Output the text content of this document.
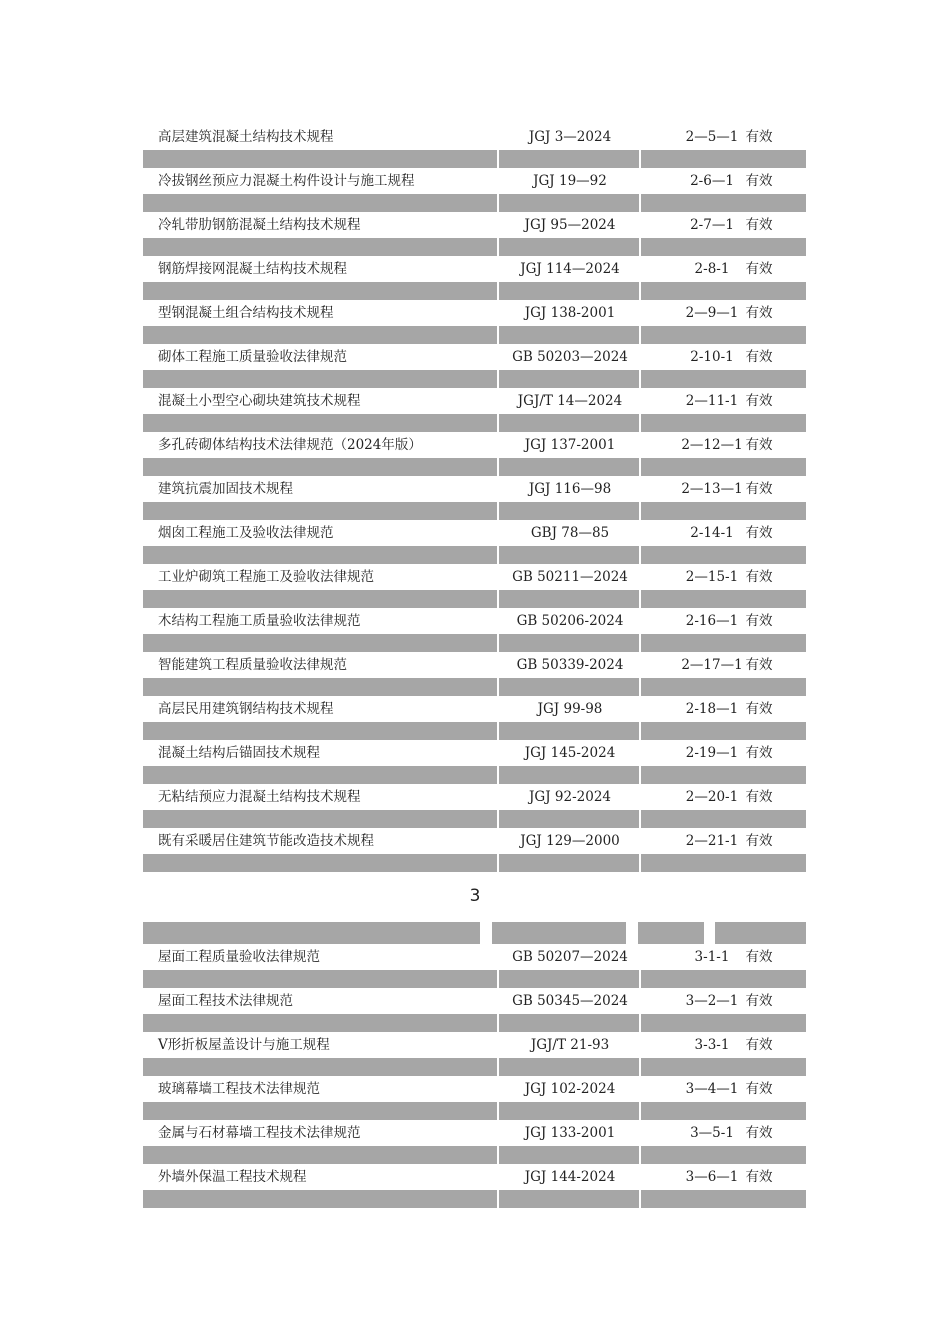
高层建筑混凝土结构技术规程	JGJ 3—2024	2—5—1 有效
冷拔钢丝预应力混凝土构件设计与施工规程	JGJ 19—92	2-6—1 有效
冷轧带肋钢筋混凝土结构技术规程	JGJ 95—2024	2-7—1 有效
钢筋焊接网混凝土结构技术规程	JGJ 114—2024	2-8-1	有效
型钢混凝土组合结构技术规程	JGJ 138-2001	2—9—1 有效
砌体工程施工质量验收法律规范	GB 50203—2024	2-10-1 有效
混凝土小型空心砌块建筑技术规程	JGJ/T 14—2024	2—11-1 有效
多孔砖砌体结构技术法律规范（2024年版）	JGJ 137-2001	2—12—1 有效
建筑抗震加固技术规程	JGJ 116—98	2—13—1 有效
烟囱工程施工及验收法律规范	GBJ 78—85	2-14-1 有效
工业炉砌筑工程施工及验收法律规范	GB 50211—2024	2—15-1 有效
木结构工程施工质量验收法律规范	GB 50206-2024	2-16—1 有效
智能建筑工程质量验收法律规范	GB 50339-2024	2—17—1 有效
高层民用建筑钢结构技术规程	JGJ 99-98	2-18—1 有效
混凝土结构后锚固技术规程	JGJ 145-2024	2-19—1 有效
无粘结预应力混凝土结构技术规程	JGJ 92-2024	2—20-1 有效
既有采暖居住建筑节能改造技术规程	JGJ 129—2000	2—21-1 有效
3
屋面工程质量验收法律规范	GB 50207—2024	3-1-1	有效
屋面工程技术法律规范	GB 50345—2024	3—2—1 有效
V形折板屋盖设计与施工规程	JGJ/T 21-93	3-3-1	有效
玻璃幕墙工程技术法律规范	JGJ 102-2024	3—4—1 有效
金属与石材幕墙工程技术法律规范	JGJ 133-2001	3—5-1 有效
外墙外保温工程技术规程	JGJ 144-2024	3—6—1 有效
